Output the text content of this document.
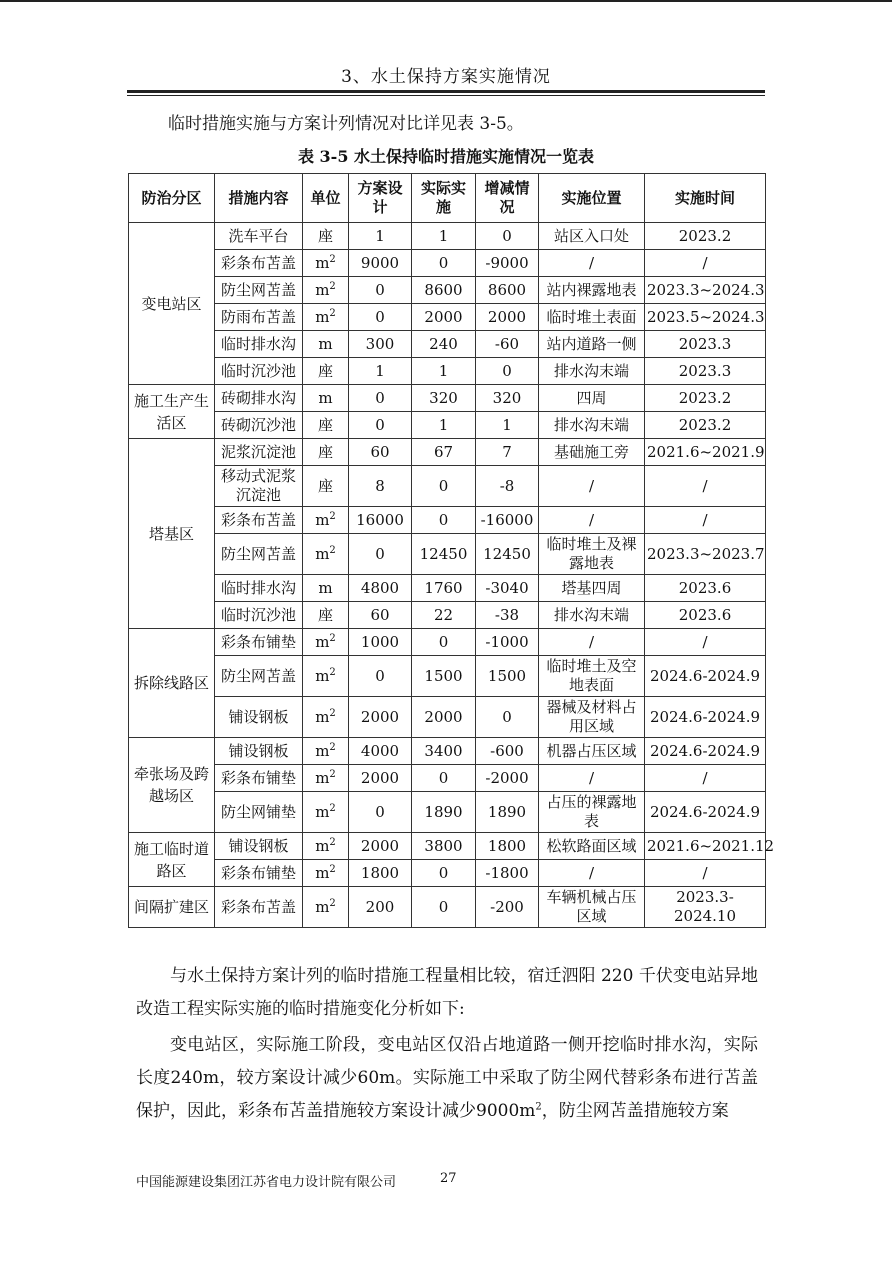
3、水土保持方案实施情况
临时措施实施与方案计列情况对比详见表 3-5。
表 3-5 水土保持临时措施实施情况一览表
防治分区	措施内容	单位	方案设计	实际实施	增减情况	实施位置	实施时间
变电站区	洗车平台	座	1	1	0	站区入口处	2023.2
	彩条布苫盖	$m^2$	9000	0	-9000	/	/
	防尘网苫盖	$m^2$	0	8600	8600	站内裸露地表	2023.3~2024.3
	防雨布苫盖	$m^2$	0	2000	2000	临时堆土表面	2023.5~2024.3
	临时排水沟	m	300	240	-60	站内道路一侧	2023.3
	临时沉沙池	座	1	1	0	排水沟末端	2023.3
施工生产生活区	砖砌排水沟	m	0	320	320	四周	2023.2
	砖砌沉沙池	座	0	1	1	排水沟末端	2023.2
塔基区	泥浆沉淀池	座	60	67	7	基础施工旁	2021.6~2021.9
	移动式泥浆沉淀池	座	8	0	-8	/	/
	彩条布苫盖	$m^2$	16000	0	-16000	/	/
	防尘网苫盖	$m^2$	0	12450	12450	临时堆土及裸露地表	2023.3~2023.7
	临时排水沟	m	4800	1760	-3040	塔基四周	2023.6
	临时沉沙池	座	60	22	-38	排水沟末端	2023.6
拆除线路区	彩条布铺垫	$m^2$	1000	0	-1000	/	/
	防尘网苫盖	$m^2$	0	1500	1500	临时堆土及空地表面	2024.6-2024.9
	铺设钢板	$m^2$	2000	2000	0	器械及材料占用区域	2024.6-2024.9
牵张场及跨越场区	铺设钢板	$m^2$	4000	3400	-600	机器占压区域	2024.6-2024.9
	彩条布铺垫	$m^2$	2000	0	-2000	/	/
	防尘网铺垫	$m^2$	0	1890	1890	占压的裸露地表	2024.6-2024.9
施工临时道路区	铺设钢板	$m^2$	2000	3800	1800	松软路面区域	2021.6~2021.12
	彩条布铺垫	$m^2$	1800	0	-1800	/	/
间隔扩建区	彩条布苫盖	$m^2$	200	0	-200	车辆机械占压区域	2023.3-2024.10
与水土保持方案计列的临时措施工程量相比较，宿迁泗阳 220 千伏变电站异地改造工程实际实施的临时措施变化分析如下:
变电站区，实际施工阶段，变电站区仅沿占地道路一侧开挖临时排水沟，实际长度240m，较方案设计减少60m。实际施工中采取了防尘网代替彩条布进行苫盖保护，因此，彩条布苫盖措施较方案设计减少$9000m^2$，防尘网苫盖措施较方案
中国能源建设集团江苏省电力设计院有限公司	27
